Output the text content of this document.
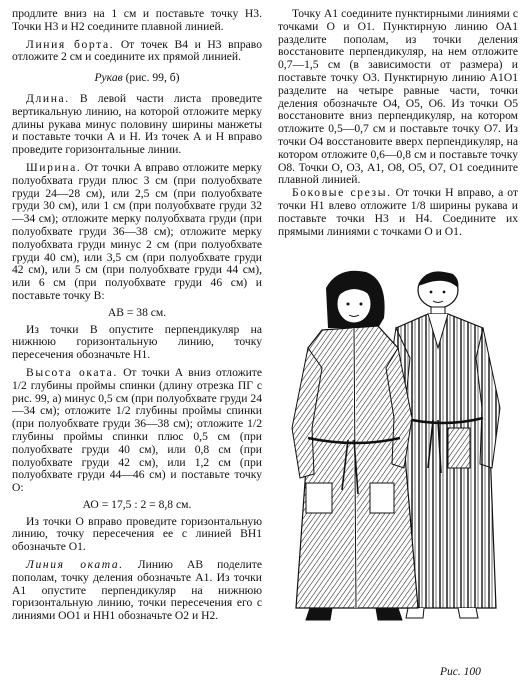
продлите вниз на 1 см и поставьте точку Н3. Точки Н3 и Н2 соедините плавной линией.

Линия борта. От точек В4 и Н3 вправо отложите 2 см и соедините их прямой линией.

Рукав (рис. 99, б)

Длина. В левой части листа проведите вертикальную линию, на которой отложите мерку длины рукава минус половину ширины манжеты и поставьте точки А и Н. Из точек А и Н вправо проведите горизонтальные линии.

Ширина. От точки А вправо отложите мерку полуобхвата груди плюс 3 см (при полуобхвате груди 24—28 см), или 2,5 см (при полуобхвате груди 30 см), или 1 см (при полуобхвате груди 32—34 см); отложите мерку полуобхвата груди (при полуобхвате груди 36—38 см); отложите мерку полуобхвата груди минус 2 см (при полуобхвате груди 40 см), или 3,5 см (при полуобхвате груди 42 см), или 5 см (при полуобхвате груди 44 см), или 6 см (при полуобхвате груди 46 см) и поставьте точку В:

АВ = 38 см.

Из точки В опустите перпендикуляр на нижнюю горизонтальную линию, точку пересечения обозначьте Н1.

Высота оката. От точки А вниз отложите 1/2 глубины проймы спинки (длину отрезка ПГ с рис. 99, а) минус 0,5 см (при полуобхвате груди 24—34 см); отложите 1/2 глубины проймы спинки (при полуобхвате груди 36—38 см); отложите 1/2 глубины проймы спинки плюс 0,5 см (при полуобхвате груди 40 см), или 0,8 см (при полуобхвате груди 42 см), или 1,2 см (при полуобхвате груди 44—46 см) и поставьте точку О:

АО = 17,5 : 2 = 8,8 см.

Из точки О вправо проведите горизонтальную линию, точку пересечения ее с линией ВН1 обозначьте О1.

Линия оката. Линию АВ поделите пополам, точку деления обозначьте А1. Из точки А1 опустите перпендикуляр на нижнюю горизонтальную линию, точки пересечения его с линиями ОО1 и НН1 обозначьте О2 и Н2.

Точку А1 соедините пунктирными линиями с точками О и О1. Пунктирную линию ОА1 разделите пополам, из точки деления восстановите перпендикуляр, на нем отложите 0,7—1,5 см (в зависимости от размера) и поставьте точку О3. Пунктирную линию А1О1 разделите на четыре равные части, точки деления обозначьте О4, О5, О6. Из точки О5 восстановите вниз перпендикуляр, на котором отложите 0,5—0,7 см и поставьте точку О7. Из точки О4 восстановите вверх перпендикуляр, на котором отложите 0,6—0,8 см и поставьте точку О8. Точки О, О3, А1, О8, О5, О7, О1 соедините плавной линией.

Боковые срезы. От точки Н вправо, а от точки Н1 влево отложите 1/8 ширины рукава и поставьте точки Н3 и Н4. Соедините их прямыми линиями с точками О и О1.

Рис. 100
